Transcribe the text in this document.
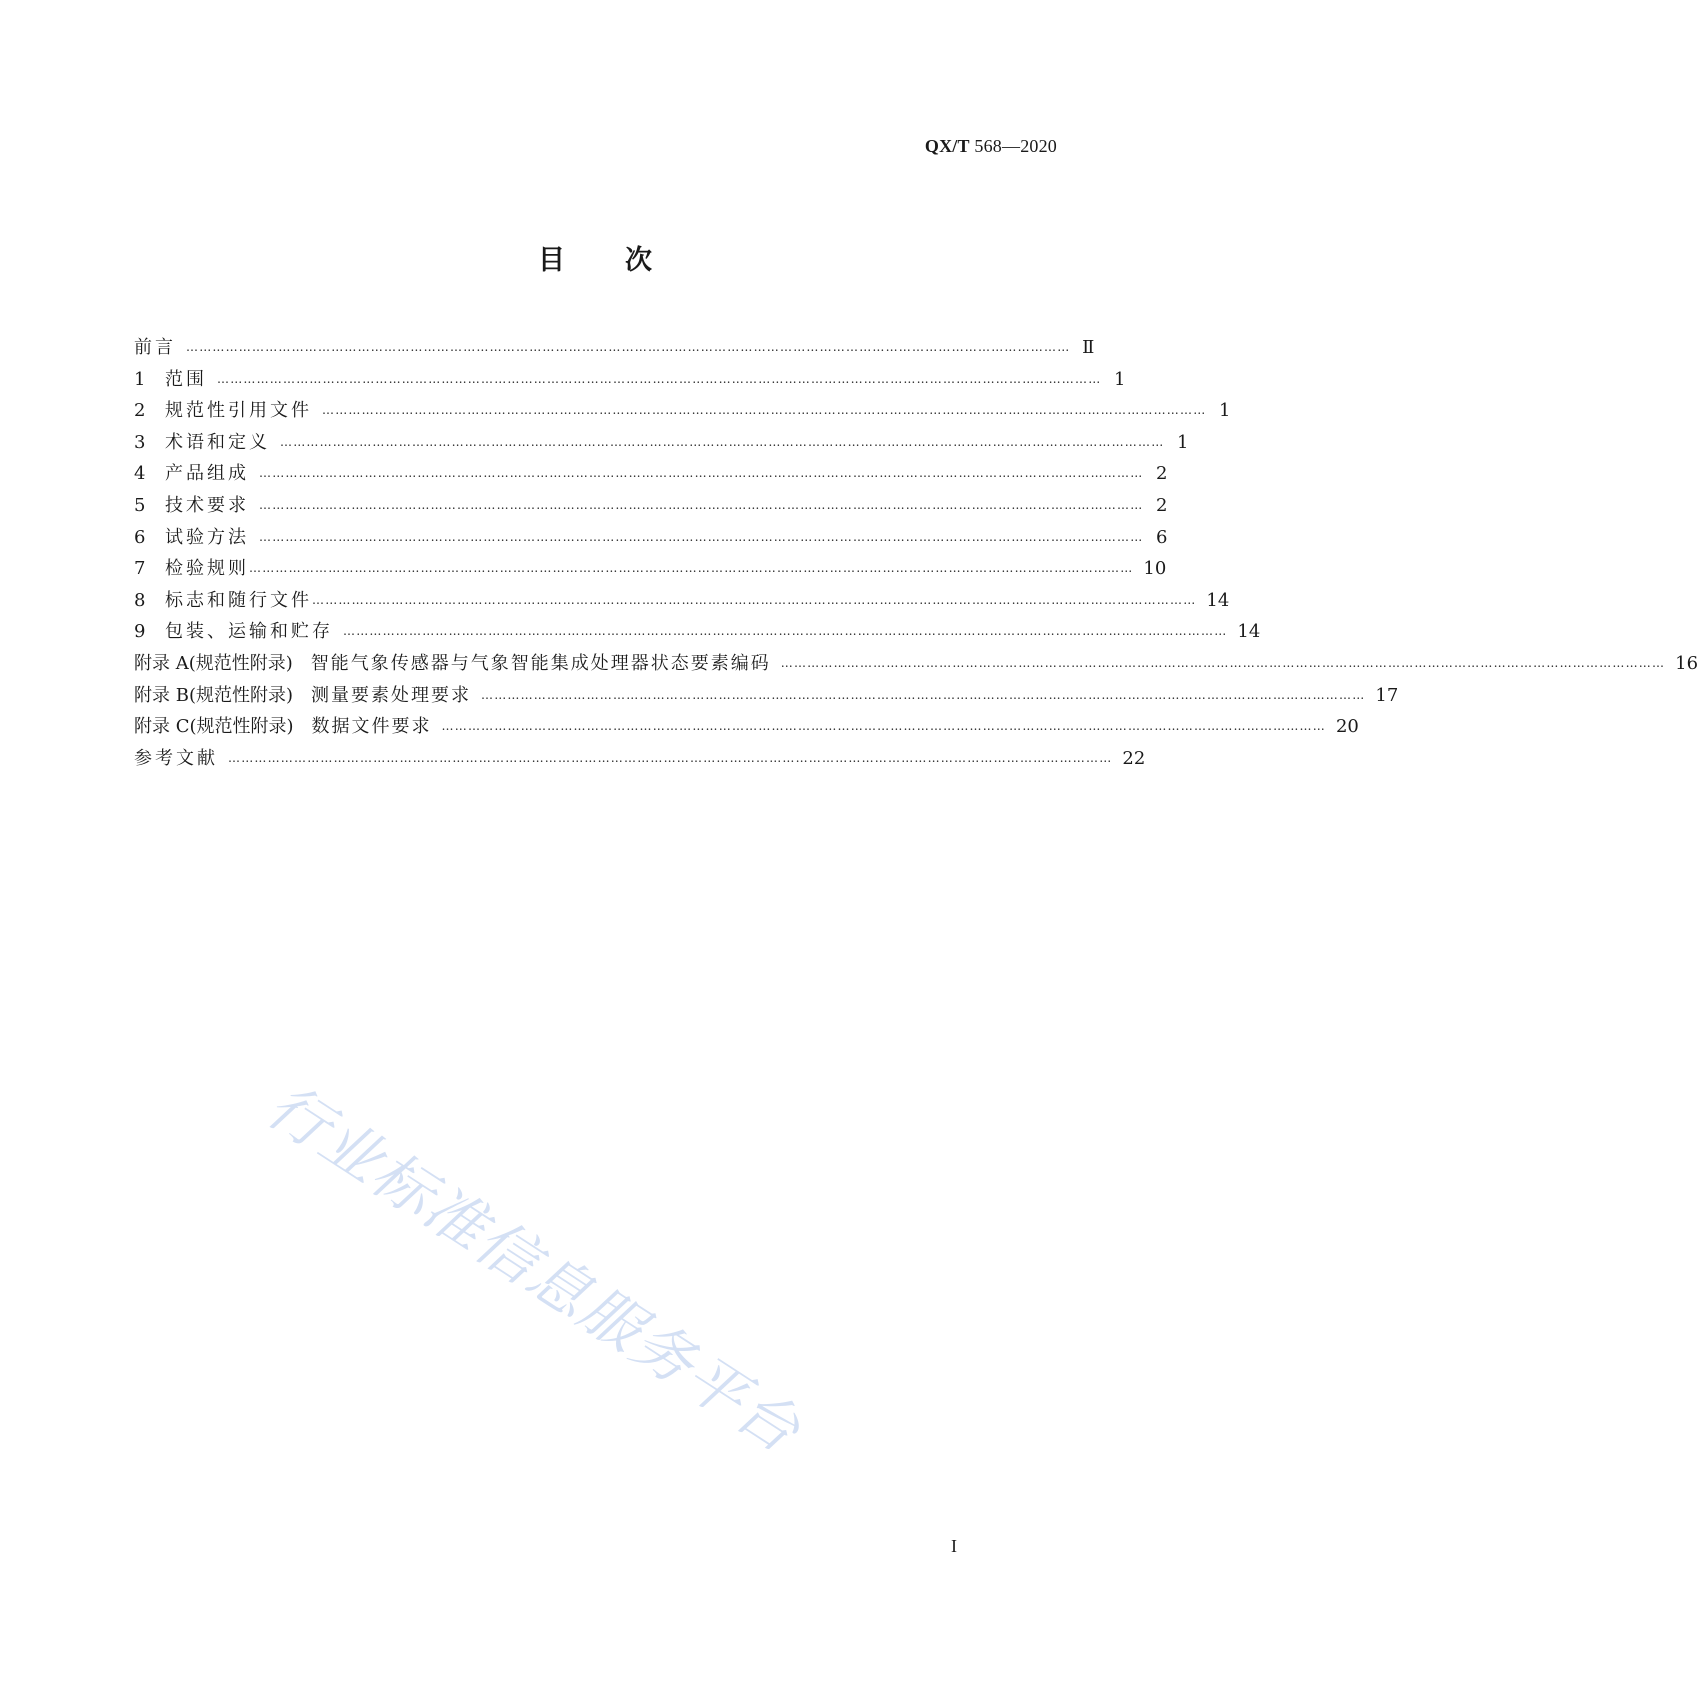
QX/T 568—2020
目 次
前言 ………………………………………………………………………………………………………………………………………………………………………………… Ⅱ
1	范围 ………………………………………………………………………………………………………………………………………………………………………………… 1
2	规范性引用文件 ………………………………………………………………………………………………………………………………………………………………………………… 1
3	术语和定义 ………………………………………………………………………………………………………………………………………………………………………………… 1
4	产品组成 ………………………………………………………………………………………………………………………………………………………………………………… 2
5	技术要求 ………………………………………………………………………………………………………………………………………………………………………………… 2
6	试验方法 ………………………………………………………………………………………………………………………………………………………………………………… 6
7	检验规则 ………………………………………………………………………………………………………………………………………………………………………………… 10
8	标志和随行文件 ………………………………………………………………………………………………………………………………………………………………………………… 14
9	包装、运输和贮存 ………………………………………………………………………………………………………………………………………………………………………………… 14
附录 A(规范性附录) 智能气象传感器与气象智能集成处理器状态要素编码 ………………………………………………………………………………………………………………………………………………………………………………… 16
附录 B(规范性附录) 测量要素处理要求 ………………………………………………………………………………………………………………………………………………………………………………… 17
附录 C(规范性附录) 数据文件要求 ………………………………………………………………………………………………………………………………………………………………………………… 20
参考文献 ………………………………………………………………………………………………………………………………………………………………………………… 22
行业标准信息服务平台
I
